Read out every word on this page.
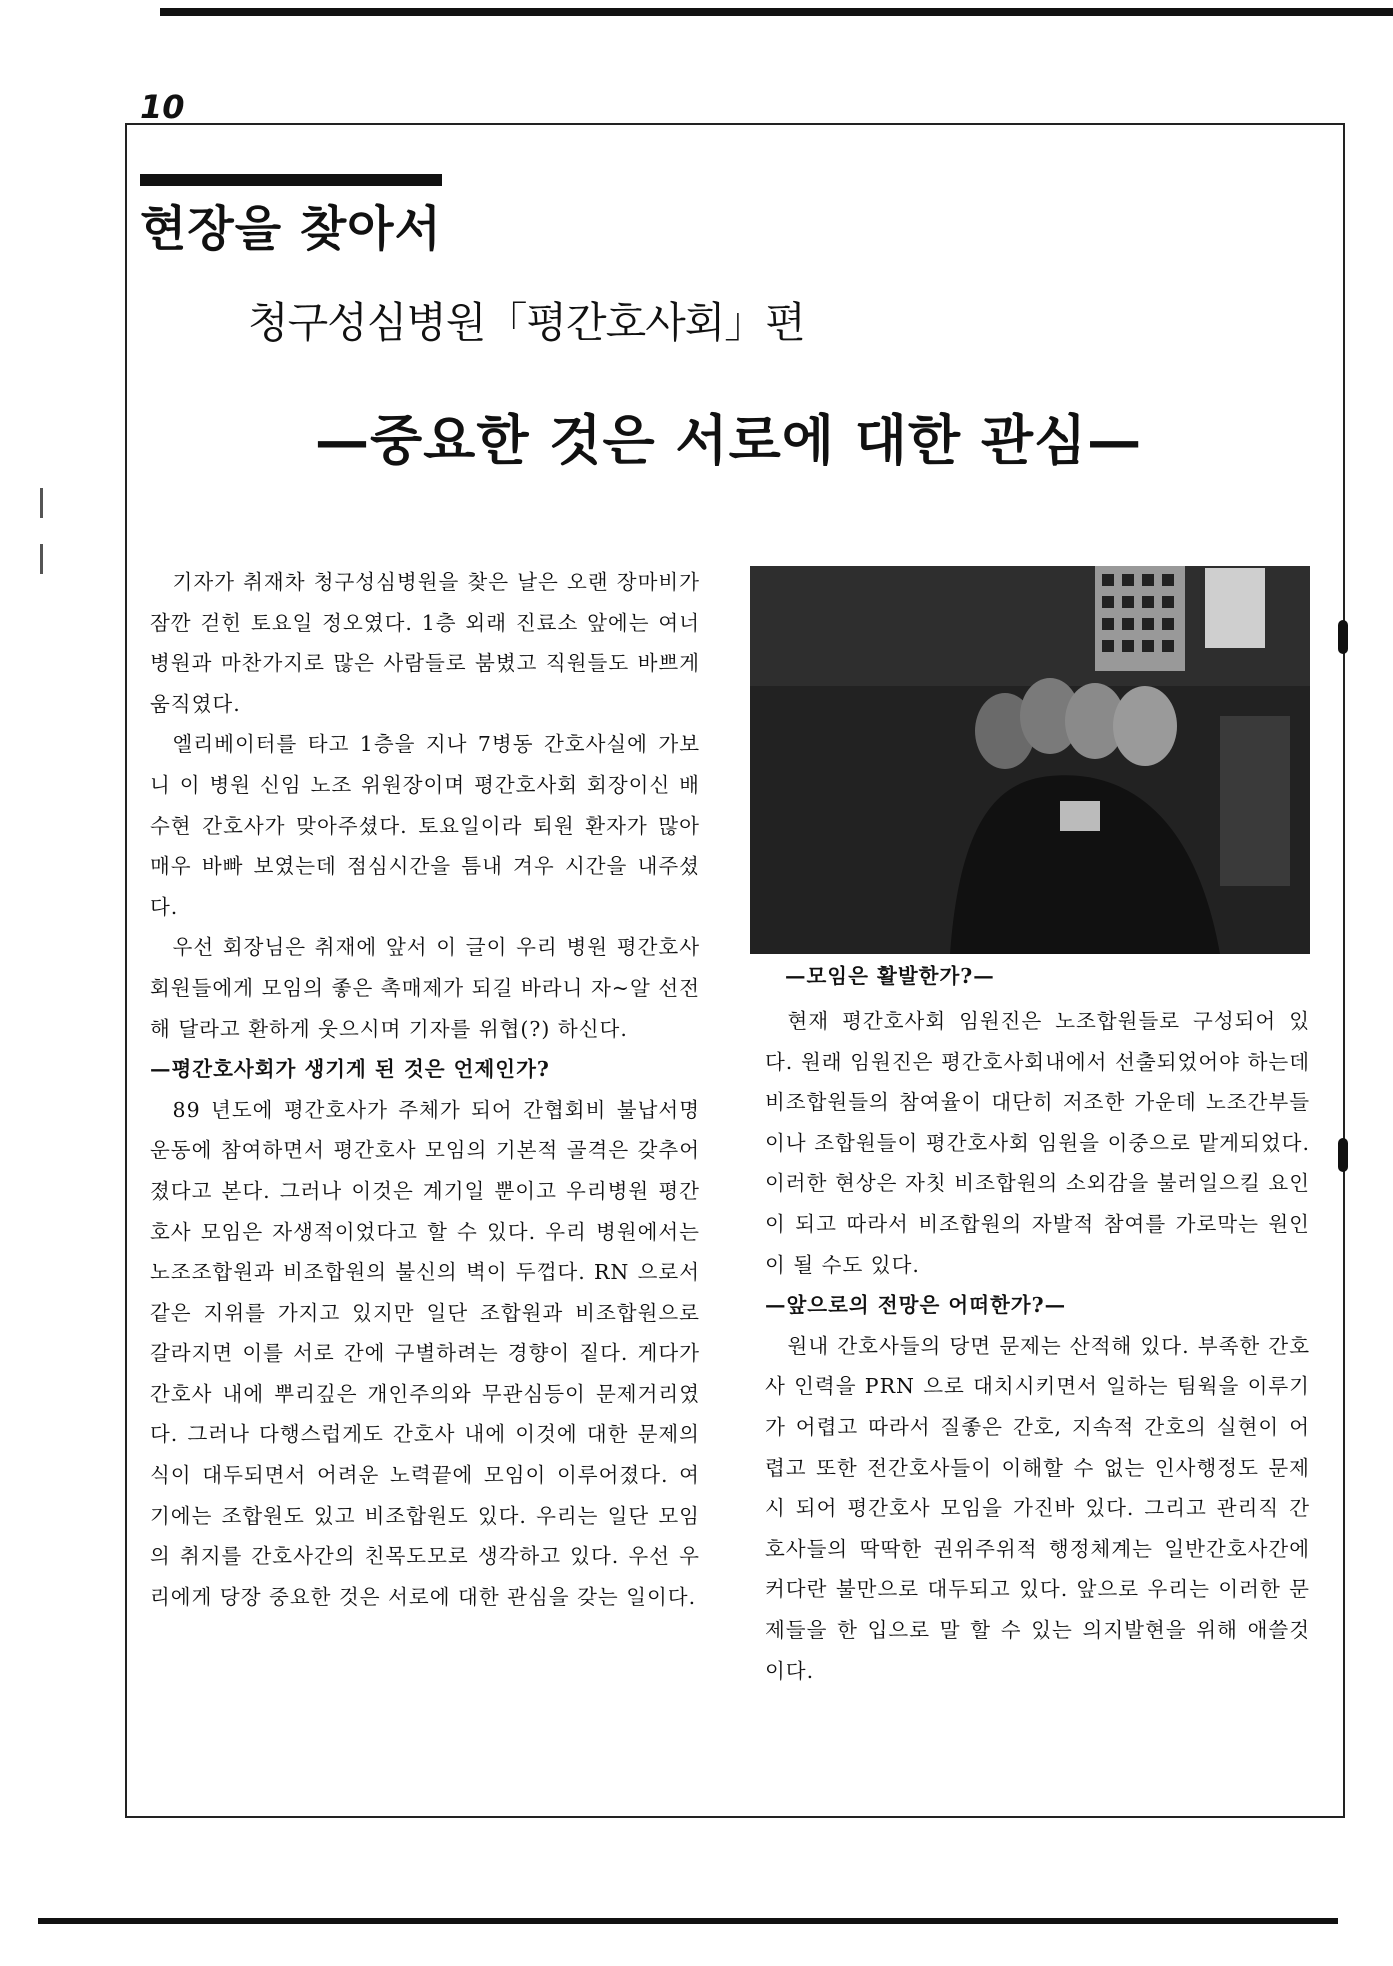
10
현장을 찾아서
청구성심병원「평간호사회」편
—중요한 것은 서로에 대한 관심—

기자가 취재차 청구성심병원을 찾은 날은 오랜 장마비가 잠깐 걷힌 토요일 정오였다. 1층 외래 진료소 앞에는 여너 병원과 마찬가지로 많은 사람들로 붐볐고 직원들도 바쁘게 움직였다.

엘리베이터를 타고 1층을 지나 7병동 간호사실에 가보니 이 병원 신임 노조 위원장이며 평간호사회 회장이신 배수현 간호사가 맞아주셨다. 토요일이라 퇴원 환자가 많아 매우 바빠 보였는데 점심시간을 틈내 겨우 시간을 내주셨다.

우선 회장님은 취재에 앞서 이 글이 우리 병원 평간호사회원들에게 모임의 좋은 촉매제가 되길 바라니 자~알 선전해 달라고 환하게 웃으시며 기자를 위협(?) 하신다.

—평간호사회가 생기게 된 것은 언제인가?

89 년도에 평간호사가 주체가 되어 간협회비 불납서명운동에 참여하면서 평간호사 모임의 기본적 골격은 갖추어졌다고 본다. 그러나 이것은 계기일 뿐이고 우리병원 평간호사 모임은 자생적이었다고 할 수 있다. 우리 병원에서는 노조조합원과 비조합원의 불신의 벽이 두껍다. RN 으로서 같은 지위를 가지고 있지만 일단 조합원과 비조합원으로 갈라지면 이를 서로 간에 구별하려는 경향이 짙다. 게다가 간호사 내에 뿌리깊은 개인주의와 무관심등이 문제거리였다. 그러나 다행스럽게도 간호사 내에 이것에 대한 문제의식이 대두되면서 어려운 노력끝에 모임이 이루어졌다. 여기에는 조합원도 있고 비조합원도 있다. 우리는 일단 모임의 취지를 간호사간의 친목도모로 생각하고 있다. 우선 우리에게 당장 중요한 것은 서로에 대한 관심을 갖는 일이다.

—모임은 활발한가?—

현재 평간호사회 임원진은 노조합원들로 구성되어 있다. 원래 임원진은 평간호사회내에서 선출되었어야 하는데 비조합원들의 참여율이 대단히 저조한 가운데 노조간부들이나 조합원들이 평간호사회 임원을 이중으로 맡게되었다. 이러한 현상은 자칫 비조합원의 소외감을 불러일으킬 요인이 되고 따라서 비조합원의 자발적 참여를 가로막는 원인이 될 수도 있다.

—앞으로의 전망은 어떠한가?—

원내 간호사들의 당면 문제는 산적해 있다. 부족한 간호사 인력을 PRN 으로 대치시키면서 일하는 팀웍을 이루기가 어렵고 따라서 질좋은 간호, 지속적 간호의 실현이 어렵고 또한 전간호사들이 이해할 수 없는 인사행정도 문제시 되어 평간호사 모임을 가진바 있다. 그리고 관리직 간호사들의 딱딱한 권위주위적 행정체계는 일반간호사간에 커다란 불만으로 대두되고 있다. 앞으로 우리는 이러한 문제들을 한 입으로 말 할 수 있는 의지발현을 위해 애쓸것이다.
